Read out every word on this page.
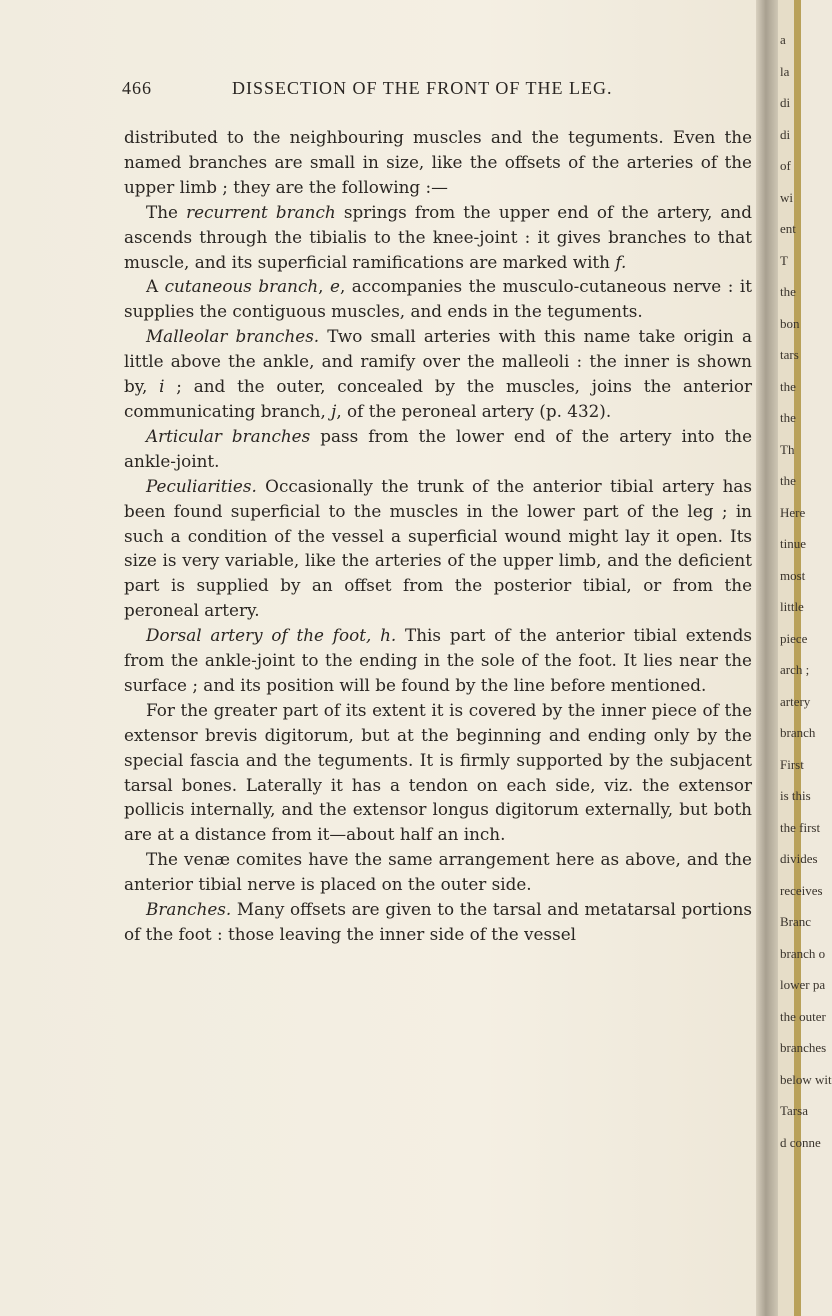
466	DISSECTION OF THE FRONT OF THE LEG.

distributed to the neighbouring muscles and the teguments. Even the named branches are small in size, like the offsets of the arteries of the upper limb ; they are the following :—

The recurrent branch springs from the upper end of the artery, and ascends through the tibialis to the knee-joint : it gives branches to that muscle, and its superficial ramifications are marked with f.

A cutaneous branch, e, accompanies the musculo-cutaneous nerve : it supplies the contiguous muscles, and ends in the teguments.

Malleolar branches. Two small arteries with this name take origin a little above the ankle, and ramify over the malleoli : the inner is shown by, i ; and the outer, concealed by the muscles, joins the anterior communicating branch, j, of the peroneal artery (p. 432).

Articular branches pass from the lower end of the artery into the ankle-joint.

Peculiarities. Occasionally the trunk of the anterior tibial artery has been found superficial to the muscles in the lower part of the leg ; in such a condition of the vessel a superficial wound might lay it open. Its size is very variable, like the arteries of the upper limb, and the deficient part is supplied by an offset from the posterior tibial, or from the peroneal artery.

Dorsal artery of the foot, h. This part of the anterior tibial extends from the ankle-joint to the ending in the sole of the foot. It lies near the surface ; and its position will be found by the line before mentioned.

For the greater part of its extent it is covered by the inner piece of the extensor brevis digitorum, but at the beginning and ending only by the special fascia and the teguments. It is firmly supported by the subjacent tarsal bones. Laterally it has a tendon on each side, viz. the extensor pollicis internally, and the extensor longus digitorum externally, but both are at a distance from it—about half an inch.

The venæ comites have the same arrangement here as above, and the anterior tibial nerve is placed on the outer side.

Branches. Many offsets are given to the tarsal and metatarsal portions of the foot : those leaving the inner side of the vessel

a
la
di
di
of
wi
ent
T
the
bon
tars
the
the
Th
the
Here
tinue
most
little
piece
arch ;
artery
branch
First
is this
the first
divides
receives
Branc
branch o
lower pa
the outer
branches
below wit
Tarsa
d conne
